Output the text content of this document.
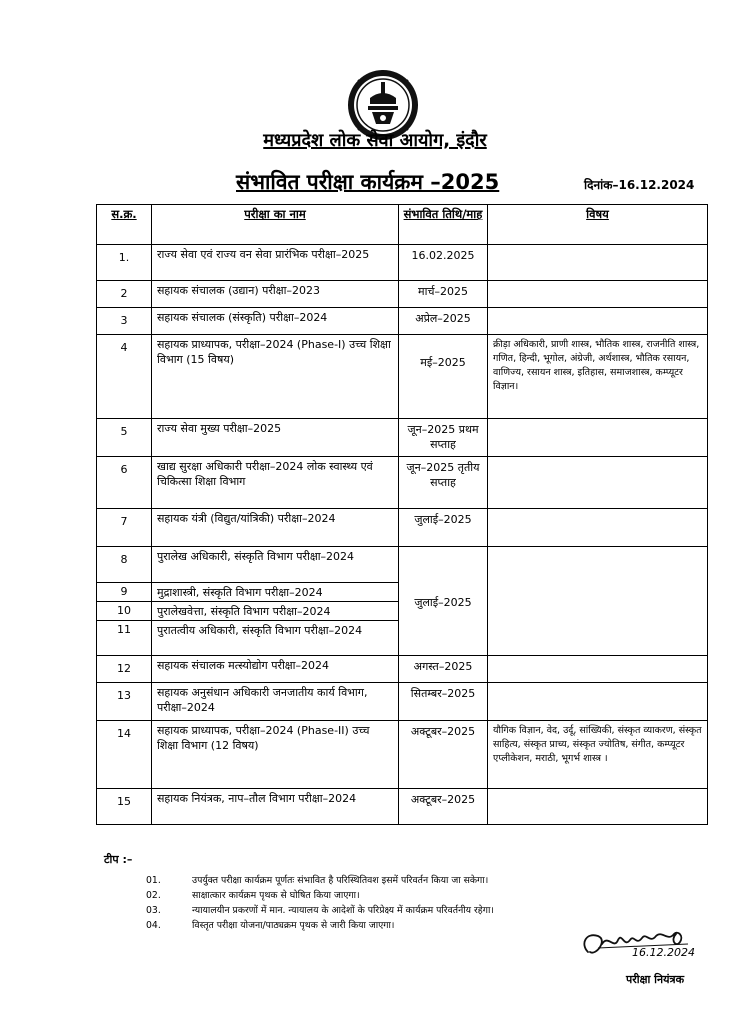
मध्यप्रदेश लोक सेवा आयोग, इंदौर
संभावित परीक्षा कार्यक्रम –2025	दिनांक–16.12.2024
स.क्र.	परीक्षा का नाम	संभावित तिथि/माह	विषय
1.	राज्य सेवा एवं राज्य वन सेवा प्रारंभिक परीक्षा–2025	16.02.2025	
2	सहायक संचालक (उद्यान) परीक्षा–2023	मार्च–2025	
3	सहायक संचालक (संस्कृति) परीक्षा–2024	अप्रेल–2025	
4	सहायक प्राध्यापक, परीक्षा–2024 (Phase-I) उच्च शिक्षा विभाग (15 विषय)	मई–2025	क्रीड़ा अधिकारी, प्राणी शास्त्र, भौतिक शास्त्र, राजनीति शास्त्र, गणित, हिन्दी, भूगोल, अंग्रेजी, अर्थशास्त्र, भौतिक रसायन, वाणिज्य, रसायन शास्त्र, इतिहास, समाजशास्त्र, कम्प्यूटर विज्ञान।
5	राज्य सेवा मुख्य परीक्षा–2025	जून–2025 प्रथम सप्ताह	
6	खाद्य सुरक्षा अधिकारी परीक्षा–2024 लोक स्वास्थ्य एवं चिकित्सा शिक्षा विभाग	जून–2025 तृतीय सप्ताह	
7	सहायक यंत्री (विद्युत/यांत्रिकी) परीक्षा–2024	जुलाई–2025	
8	पुरालेख अधिकारी, संस्कृति विभाग परीक्षा–2024	जुलाई–2025	
9	मुद्राशास्त्री, संस्कृति विभाग परीक्षा–2024		
10	पुरालेखवेत्ता, संस्कृति विभाग परीक्षा–2024		
11	पुरातत्वीय अधिकारी, संस्कृति विभाग परीक्षा–2024		
12	सहायक संचालक मत्स्योद्योग परीक्षा–2024	अगस्त–2025	
13	सहायक अनुसंधान अधिकारी जनजातीय कार्य विभाग, परीक्षा–2024	सितम्बर–2025	
14	सहायक प्राध्यापक, परीक्षा–2024 (Phase-II) उच्च शिक्षा विभाग (12 विषय)	अक्टूबर–2025	यौगिक विज्ञान, वेद, उर्दू, सांख्यिकी, संस्कृत व्याकरण, संस्कृत साहित्य, संस्कृत प्राच्य, संस्कृत ज्योतिष, संगीत, कम्प्यूटर एप्लीकेशन, मराठी, भूगर्भ शास्त्र ।
15	सहायक नियंत्रक, नाप–तौल विभाग परीक्षा–2024	अक्टूबर–2025	
टीप :–
01.	उपर्युक्त परीक्षा कार्यक्रम पूर्णतः संभावित है परिस्थितिवश इसमें परिवर्तन किया जा सकेगा।
02.	साक्षात्कार कार्यक्रम पृथक से घोषित किया जाएगा।
03.	न्यायालयीन प्रकरणों में मान. न्यायालय के आदेशों के परिप्रेक्ष्य में कार्यक्रम परिवर्तनीय रहेगा।
04.	विस्तृत परीक्षा योजना/पाठ्यक्रम पृथक से जारी किया जाएगा।
16.12.2024
परीक्षा नियंत्रक
